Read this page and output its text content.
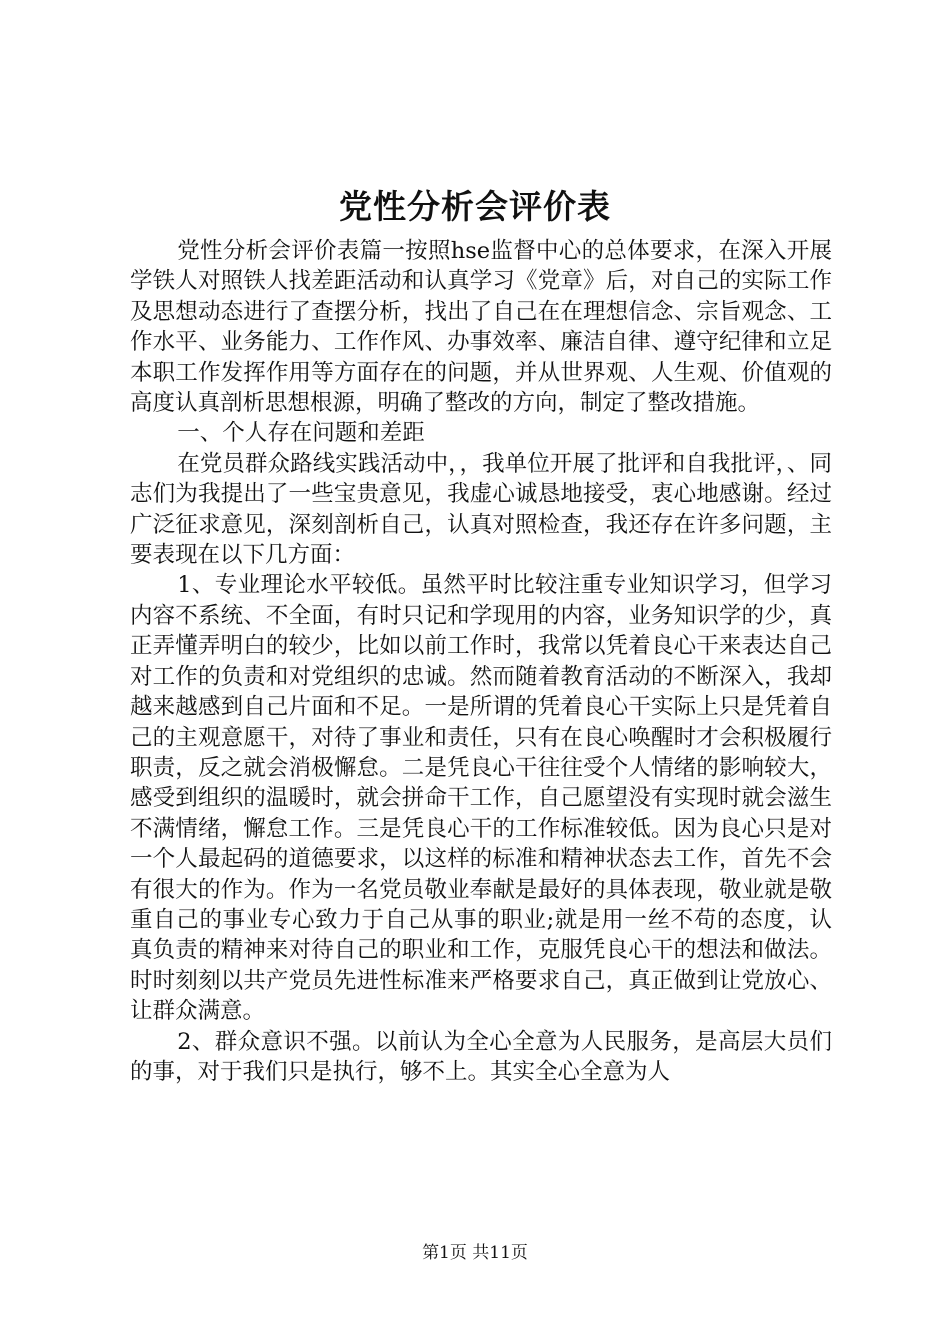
党性分析会评价表

党性分析会评价表篇一按照hse监督中心的总体要求，在深入开展学铁人对照铁人找差距活动和认真学习《党章》后，对自己的实际工作及思想动态进行了查摆分析，找出了自己在在理想信念、宗旨观念、工作水平、业务能力、工作作风、办事效率、廉洁自律、遵守纪律和立足本职工作发挥作用等方面存在的问题，并从世界观、人生观、价值观的高度认真剖析思想根源，明确了整改的方向，制定了整改措施。

一、个人存在问题和差距

在党员群众路线实践活动中，，我单位开展了批评和自我批评，、同志们为我提出了一些宝贵意见，我虚心诚恳地接受，衷心地感谢。经过广泛征求意见，深刻剖析自己，认真对照检查，我还存在许多问题，主要表现在以下几方面：

1、专业理论水平较低。虽然平时比较注重专业知识学习，但学习内容不系统、不全面，有时只记和学现用的内容，业务知识学的少，真正弄懂弄明白的较少，比如以前工作时，我常以凭着良心干来表达自己对工作的负责和对党组织的忠诚。然而随着教育活动的不断深入，我却越来越感到自己片面和不足。一是所谓的凭着良心干实际上只是凭着自己的主观意愿干，对待了事业和责任，只有在良心唤醒时才会积极履行职责，反之就会消极懈怠。二是凭良心干往往受个人情绪的影响较大，感受到组织的温暖时，就会拼命干工作，自己愿望没有实现时就会滋生不满情绪，懈怠工作。三是凭良心干的工作标准较低。因为良心只是对一个人最起码的道德要求，以这样的标准和精神状态去工作，首先不会有很大的作为。作为一名党员敬业奉献是最好的具体表现，敬业就是敬重自己的事业专心致力于自己从事的职业;就是用一丝不苟的态度，认真负责的精神来对待自己的职业和工作，克服凭良心干的想法和做法。时时刻刻以共产党员先进性标准来严格要求自己，真正做到让党放心、让群众满意。

2、群众意识不强。以前认为全心全意为人民服务，是高层大员们的事，对于我们只是执行，够不上。其实全心全意为人

第1页 共11页
